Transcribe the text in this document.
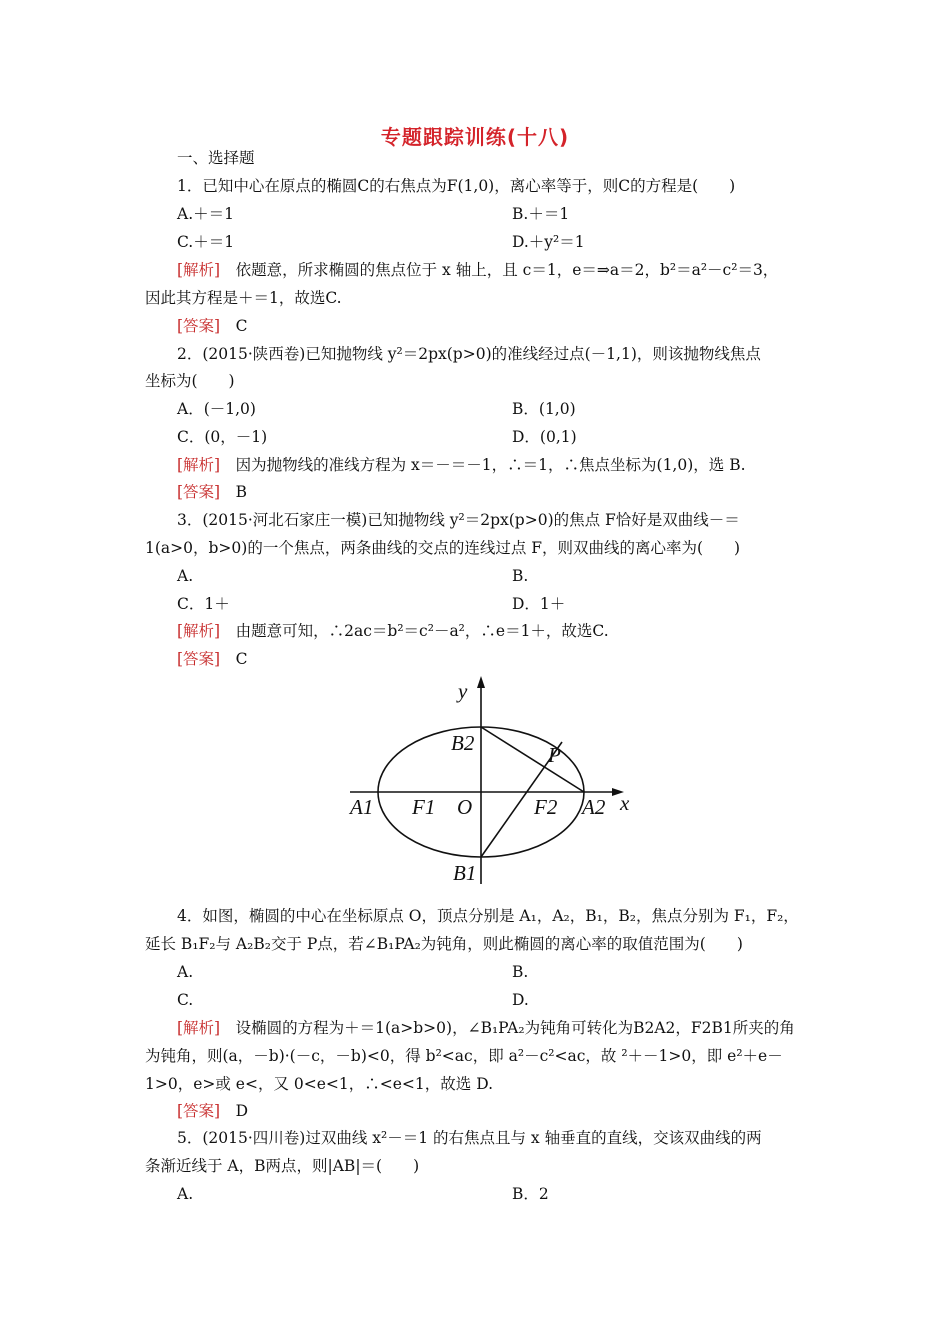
专题跟踪训练(十八)
一、选择题
1．已知中心在原点的椭圆C的右焦点为F(1,0)，离心率等于，则C的方程是(　　)
A.＋＝1	B.＋＝1
C.＋＝1	D.＋y²＝1
[解析]　 依题意，所求椭圆的焦点位于 x 轴上，且 c＝1，e＝⇒a＝2，b²＝a²－c²＝3，
因此其方程是＋＝1，故选C.
[答案]　 C
2．(2015·陕西卷)已知抛物线 y²＝2px(p>0)的准线经过点(－1,1)，则该抛物线焦点
坐标为(　　)
A．(－1,0)	B．(1,0)
C．(0，－1)	D．(0,1)
[解析]　 因为抛物线的准线方程为 x＝－＝－1，∴＝1，∴焦点坐标为(1,0)，选 B.
[答案]　 B
3．(2015·河北石家庄一模)已知抛物线 y²＝2px(p>0)的焦点 F恰好是双曲线－＝
1(a>0，b>0)的一个焦点，两条曲线的交点的连线过点 F，则双曲线的离心率为(　　)
A.	B.
C．1＋	D．1＋
[解析]　 由题意可知，∴2ac＝b²＝c²－a²，∴e＝1＋，故选C.
[答案]　 C
y
x
B2	P
A1 F1 O	F2 A2
B1
4．如图，椭圆的中心在坐标原点 O，顶点分别是 A₁，A₂，B₁，B₂，焦点分别为 F₁，F₂，
延长 B₁F₂与 A₂B₂交于 P点，若∠B₁PA₂为钝角，则此椭圆的离心率的取值范围为(　　)
A.	B.
C.	D.
[解析]　 设椭圆的方程为＋＝1(a>b>0)，∠B₁PA₂为钝角可转化为B2A2，F2B1所夹的角
为钝角，则(a，－b)·(－c，－b)<0，得 b²<ac，即 a²－c²<ac，故 ²＋－1>0，即 e²＋e－
1>0，e>或 e<，又 0<e<1，∴<e<1，故选 D.
[答案]　 D
5．(2015·四川卷)过双曲线 x²－＝1 的右焦点且与 x 轴垂直的直线，交该双曲线的两
条渐近线于 A，B两点，则|AB|＝(　　)
A.	B．2
